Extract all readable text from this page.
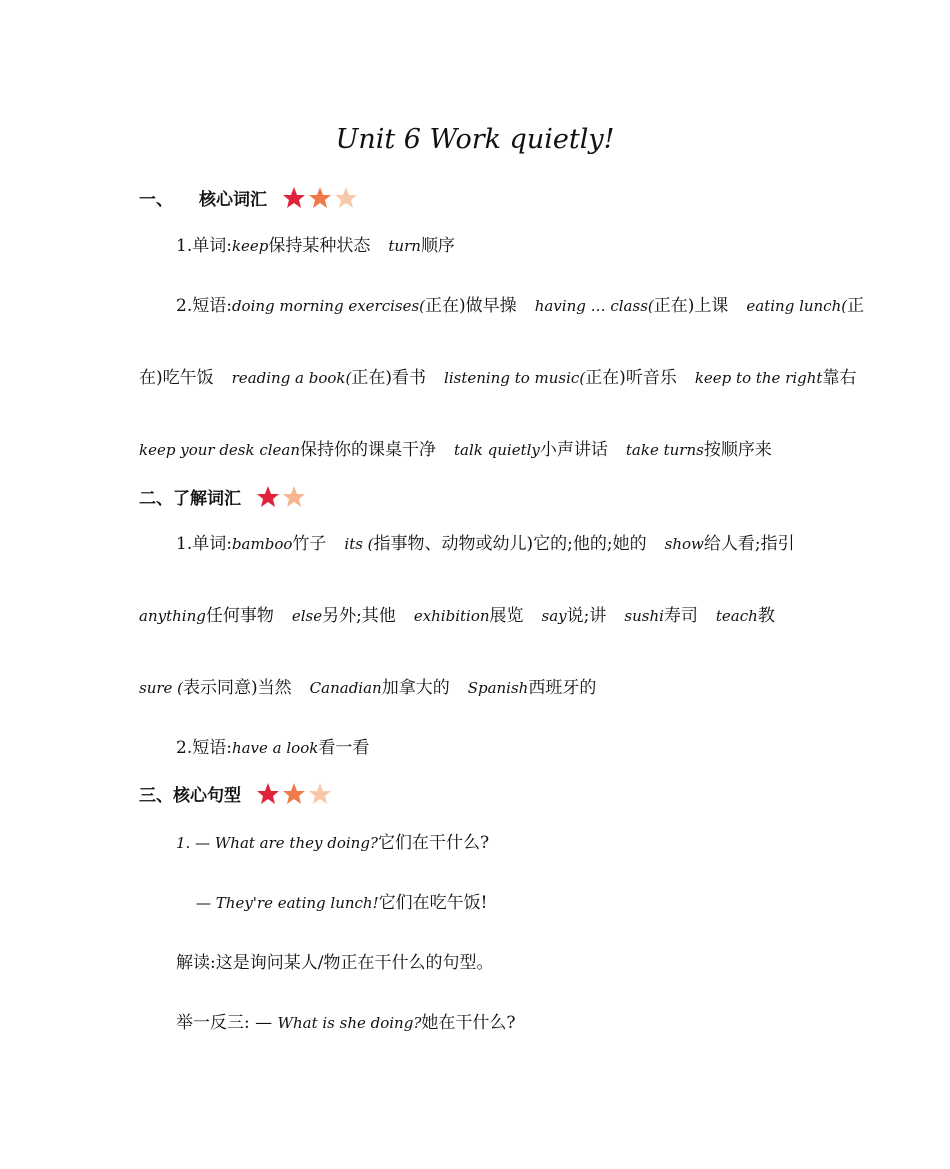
Unit 6 Work quietly!
一、 核心词汇
1.单词:keep保持某种状态 turn顺序
2.短语:doing morning exercises(正在)做早操 having … class(正在)上课 eating lunch(正
在)吃午饭 reading a book(正在)看书 listening to music(正在)听音乐 keep to the right靠右
keep your desk clean保持你的课桌干净 talk quietly小声讲话 take turns按顺序来
二、 了解词汇
1.单词:bamboo竹子 its (指事物、动物或幼儿)它的;他的;她的 show给人看;指引
anything任何事物 else另外;其他 exhibition展览 say说;讲 sushi寿司 teach教
sure (表示同意)当然 Canadian加拿大的 Spanish西班牙的
2.短语:have a look看一看
三、 核心句型
1. — What are they doing?它们在干什么?
— They're eating lunch!它们在吃午饭!
解读:这是询问某人/物正在干什么的句型。
举一反三: — What is she doing?她在干什么?
